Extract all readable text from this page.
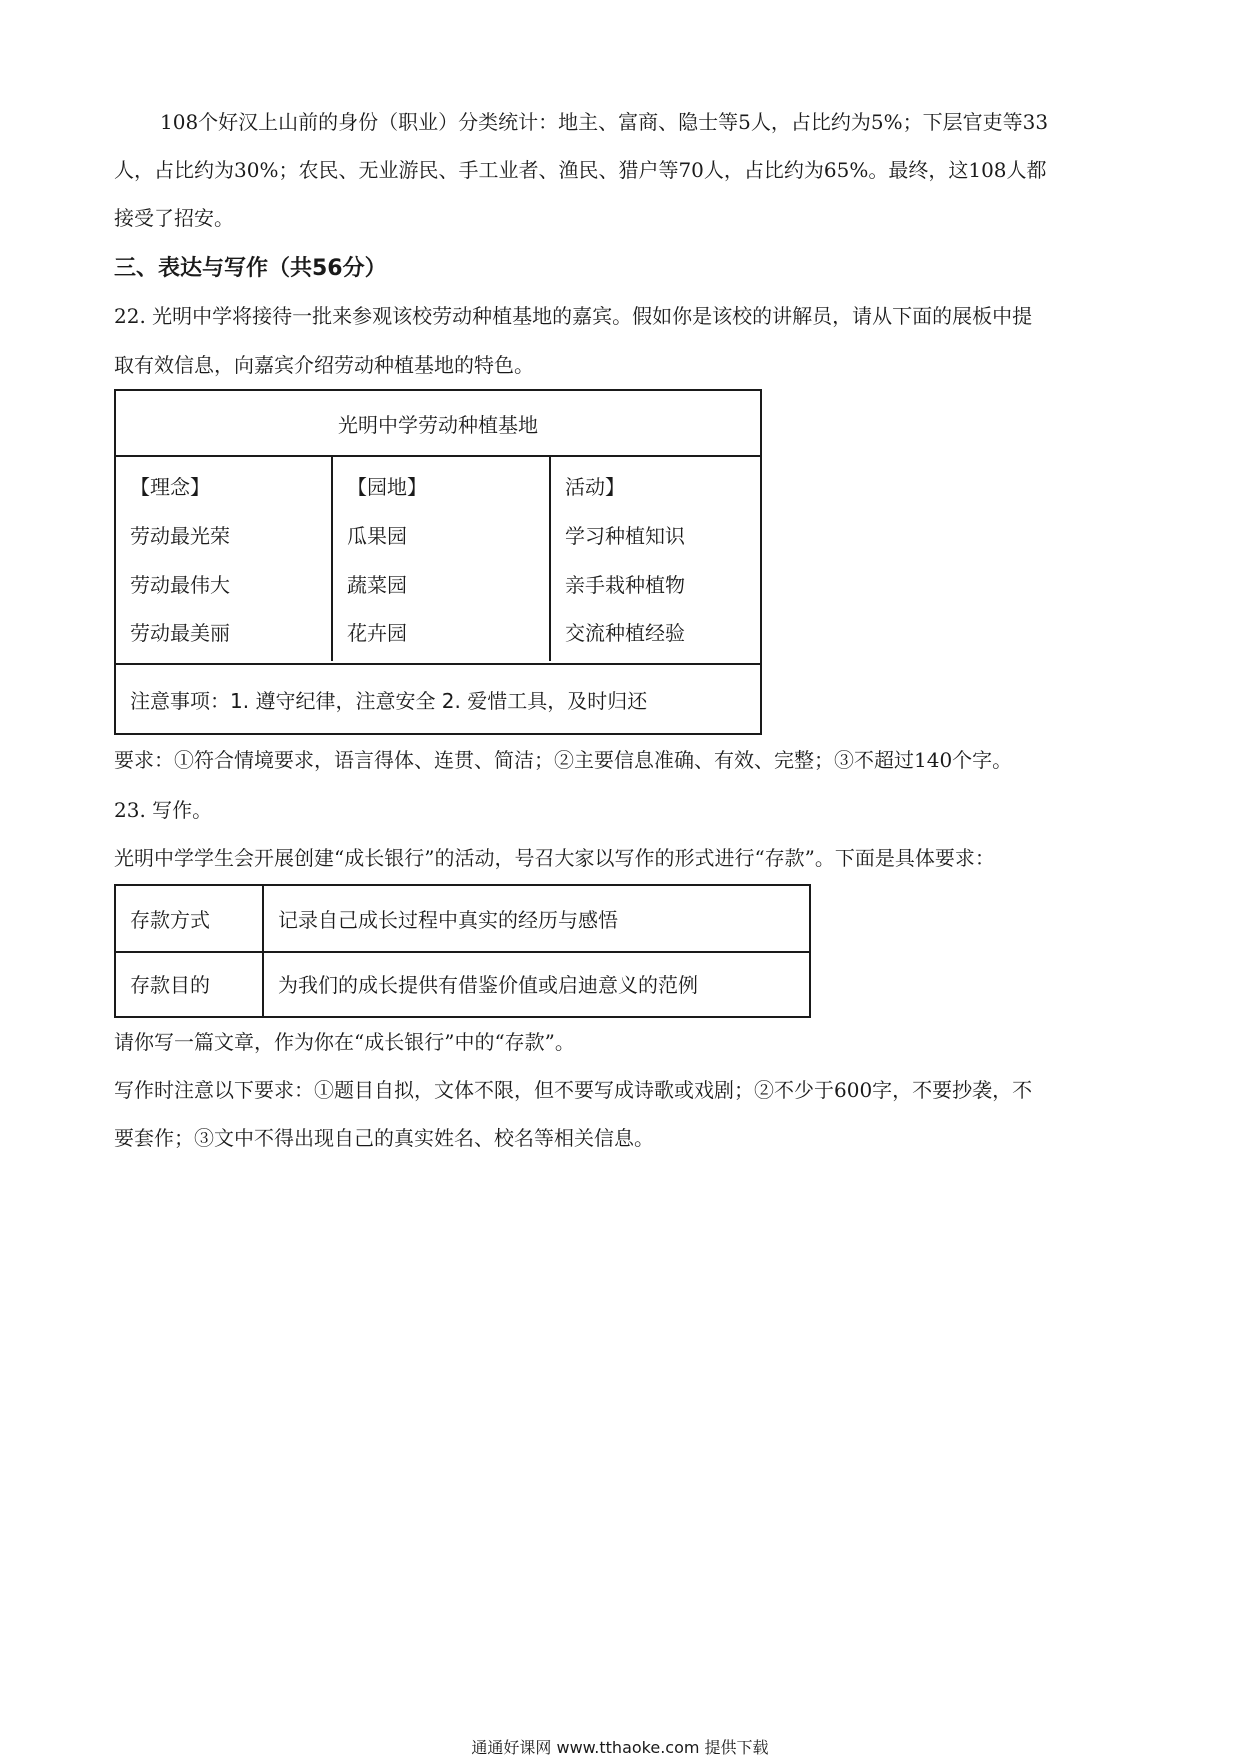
108个好汉上山前的身份（职业）分类统计：地主、富商、隐士等5人，占比约为5%；下层官吏等33
人，占比约为30%；农民、无业游民、手工业者、渔民、猎户等70人，占比约为65%。最终，这108人都
接受了招安。
三、表达与写作（共56分）
22. 光明中学将接待一批来参观该校劳动种植基地的嘉宾。假如你是该校的讲解员，请从下面的展板中提
取有效信息，向嘉宾介绍劳动种植基地的特色。
光明中学劳动种植基地
【理念】
劳动最光荣
劳动最伟大
劳动最美丽
【园地】
瓜果园
蔬菜园
花卉园
活动】
学习种植知识
亲手栽种植物
交流种植经验
注意事项：1. 遵守纪律，注意安全 2. 爱惜工具，及时归还
要求：①符合情境要求，语言得体、连贯、简洁；②主要信息准确、有效、完整；③不超过140个字。
23. 写作。
光明中学学生会开展创建“成长银行”的活动，号召大家以写作的形式进行“存款”。下面是具体要求：
存款方式	记录自己成长过程中真实的经历与感悟
存款目的	为我们的成长提供有借鉴价值或启迪意义的范例
请你写一篇文章，作为你在“成长银行”中的“存款”。
写作时注意以下要求：①题目自拟，文体不限，但不要写成诗歌或戏剧；②不少于600字，不要抄袭，不
要套作；③文中不得出现自己的真实姓名、校名等相关信息。
通通好课网 www.tthaoke.com 提供下载
